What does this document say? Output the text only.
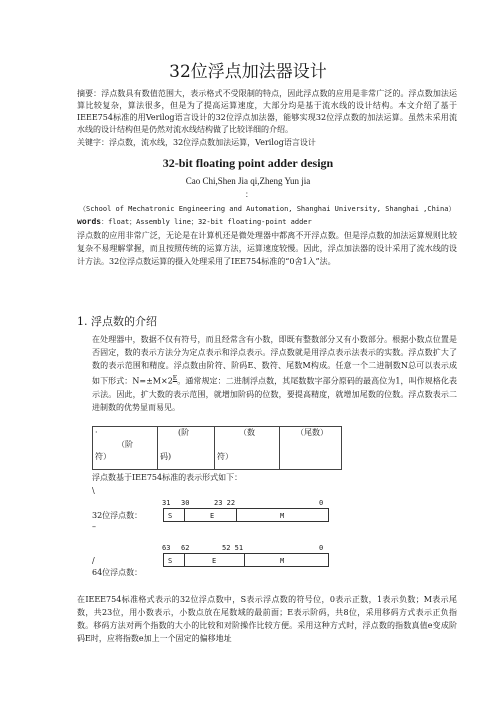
32位浮点加法器设计
摘要：浮点数具有数值范围大，表示格式不受限制的特点，因此浮点数的应用是非常广泛的。浮点数加法运算比较复杂，算法很多，但是为了提高运算速度，大部分均是基于流水线的设计结构。本文介绍了基于IEEE754标准的用Verilog语言设计的32位浮点加法器，能够实现32位浮点数的加法运算。虽然未采用流水线的设计结构但是仍然对流水线结构做了比较详细的介绍。
关键字：浮点数，流水线，32位浮点数加法运算，Verilog语言设计
32-bit floating point adder design
Cao Chi,Shen Jia qi,Zheng Yun jia
：
（School of Mechatronic Engineering and Automation, Shanghai University, Shanghai ,China）
words：float；Assembly line；32-bit floating-point adder
浮点数的应用非常广泛，无论是在计算机还是微处理器中都离不开浮点数。但是浮点数的加法运算规则比较复杂不易理解掌握，而且按照传统的运算方法，运算速度较慢。因此，浮点加法器的设计采用了流水线的设计方法。32位浮点数运算的摄入处理采用了IEE754标准的“0舍1入”法。
1. 浮点数的介绍
在处理器中，数据不仅有符号，而且经常含有小数，即既有整数部分又有小数部分。根据小数点位置是否固定，数的表示方法分为定点表示和浮点表示。浮点数就是用浮点表示法表示的实数。浮点数扩大了数的表示范围和精度。浮点数由阶符、阶码E、数符、尾数M构成。任意一个二进制数N总可以表示成如下形式：$N=\pm M\times 2^E$。通常规定：二进制浮点数，其尾数数字部分原码的最高位为1，叫作规格化表示法。因此，扩大数的表示范围，就增加阶码的位数，要提高精度，就增加尾数的位数。浮点数表示二进制数的优势显而易见。
·
（阶
符）

(阶
码)

（数
符）

（尾数）
浮点数基于IEE754标准的表示形式如下：
\
31 30	23 22	0
32位浮点数：	S	E	M
–
63 62	52 51	0
/	S	E	M
64位浮点数：
在IEEE754标准格式表示的32位浮点数中，S表示浮点数的符号位，0表示正数，1表示负数；M表示尾数，共23位，用小数表示，小数点放在尾数域的最前面；E表示阶码，共8位，采用移码方式表示正负指数。移码方法对两个指数的大小的比较和对阶操作比较方便。采用这种方式时，浮点数的指数真值e变成阶码E时，应将指数e加上一个固定的偏移地址
